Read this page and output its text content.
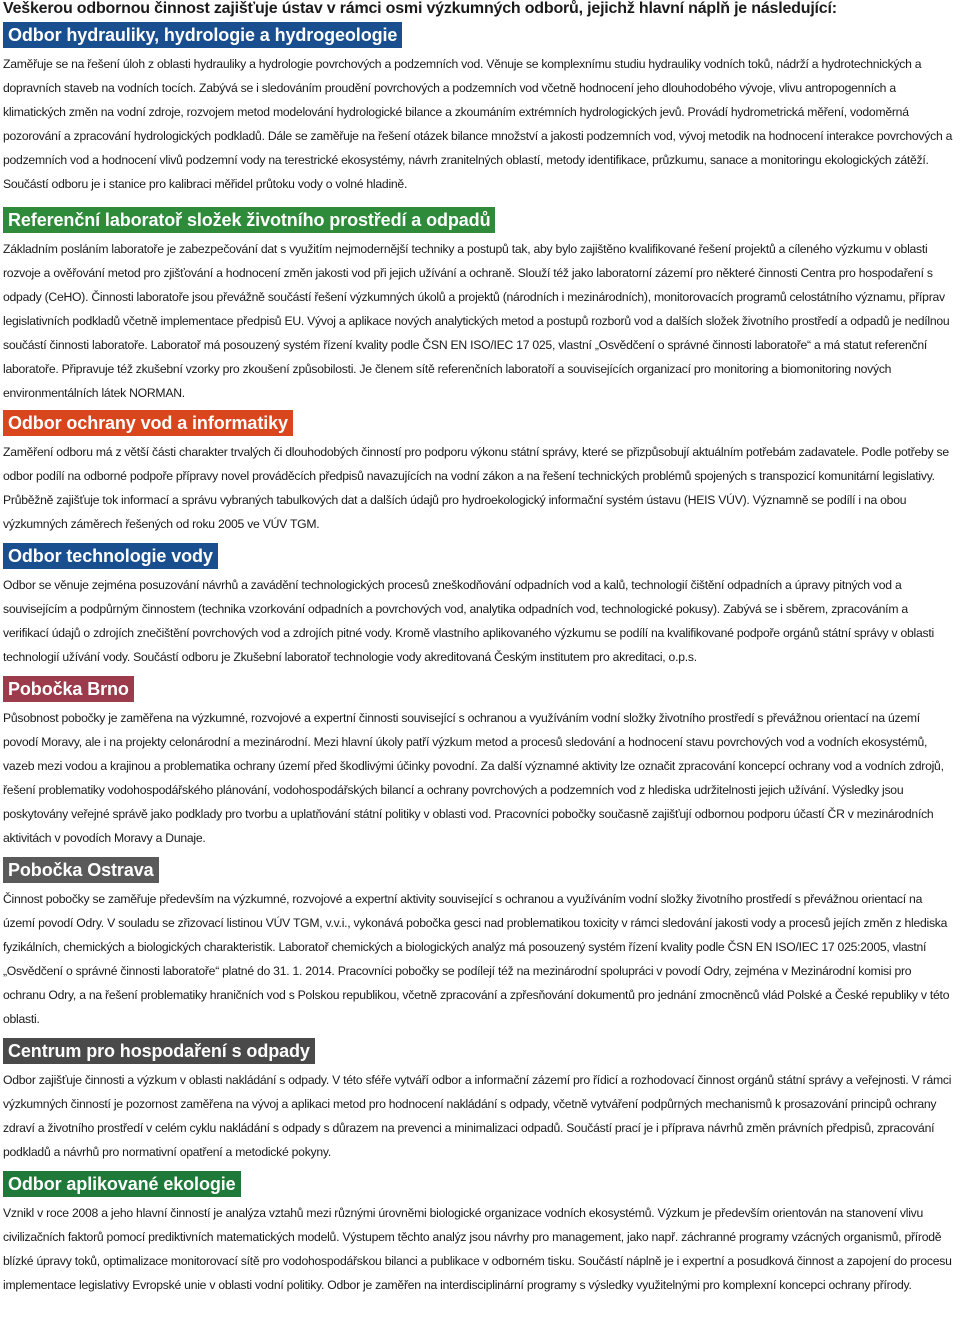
Veškerou odbornou činnost zajišťuje ústav v rámci osmi výzkumných odborů, jejichž hlavní náplň je následující:

Odbor hydrauliky, hydrologie a hydrogeologie
Zaměřuje se na řešení úloh z oblasti hydrauliky a hydrologie povrchových a podzemních vod. Věnuje se komplexnímu studiu hydrauliky vodních toků, nádrží a hydrotechnických a dopravních staveb na vodních tocích. Zabývá se i sledováním proudění povrchových a podzemních vod včetně hodnocení jeho dlouhodobého vývoje, vlivu antropogenních a klimatických změn na vodní zdroje, rozvojem metod modelování hydrologické bilance a zkoumáním extrémních hydrologických jevů. Provádí hydrometrická měření, vodoměrná pozorování a zpracování hydrologických podkladů. Dále se zaměřuje na řešení otázek bilance množství a jakosti podzemních vod, vývoj metodik na hodnocení interakce povrchových a podzemních vod a hodnocení vlivů podzemní vody na terestrické ekosystémy, návrh zranitelných oblastí, metody identifikace, průzkumu, sanace a monitoringu ekologických zátěží. Součástí odboru je i stanice pro kalibraci měřidel průtoku vody o volné hladině.
Referenční laboratoř složek životního prostředí a odpadů
Základním posláním laboratoře je zabezpečování dat s využitím nejmodernější techniky a postupů tak, aby bylo zajištěno kvalifikované řešení projektů a cíleného výzkumu v oblasti rozvoje a ověřování metod pro zjišťování a hodnocení změn jakosti vod při jejich užívání a ochraně. Slouží též jako laboratorní zázemí pro některé činnosti Centra pro hospodaření s odpady (CeHO). Činnosti laboratoře jsou převážně součástí řešení výzkumných úkolů a projektů (národních i mezinárodních), monitorovacích programů celostátního významu, příprav legislativních podkladů včetně implementace předpisů EU. Vývoj a aplikace nových analytických metod a postupů rozborů vod a dalších složek životního prostředí a odpadů je nedílnou součástí činnosti laboratoře. Laboratoř má posouzený systém řízení kvality podle ČSN EN ISO/IEC 17 025, vlastní „Osvědčení o správné činnosti laboratoře“ a má statut referenční laboratoře. Připravuje též zkušební vzorky pro zkoušení způsobilosti. Je členem sítě referenčních laboratoří a souvisejících organizací pro monitoring a biomonitoring nových environmentálních látek NORMAN.
Odbor ochrany vod a informatiky
Zaměření odboru má z větší části charakter trvalých či dlouhodobých činností pro podporu výkonu státní správy, které se přizpůsobují aktuálním potřebám zadavatele. Podle potřeby se odbor podílí na odborné podpoře přípravy novel prováděcích předpisů navazujících na vodní zákon a na řešení technických problémů spojených s transpozicí komunitární legislativy. Průběžně zajišťuje tok informací a správu vybraných tabulkových dat a dalších údajů pro hydroekologický informační systém ústavu (HEIS VÚV). Významně se podílí i na obou výzkumných záměrech řešených od roku 2005 ve VÚV TGM.
Odbor technologie vody
Odbor se věnuje zejména posuzování návrhů a zavádění technologických procesů zneškodňování odpadních vod a kalů, technologií čištění odpadních a úpravy pitných vod a souvisejícím a podpůrným činnostem (technika vzorkování odpadních a povrchových vod, analytika odpadních vod, technologické pokusy). Zabývá se i sběrem, zpracováním a verifikací údajů o zdrojích znečištění povrchových vod a zdrojích pitné vody. Kromě vlastního aplikovaného výzkumu se podílí na kvalifikované podpoře orgánů státní správy v oblasti technologií užívání vody. Součástí odboru je Zkušební laboratoř technologie vody akreditovaná Českým institutem pro akreditaci, o.p.s.
Pobočka Brno
Působnost pobočky je zaměřena na výzkumné, rozvojové a expertní činnosti související s ochranou a využíváním vodní složky životního prostředí s převážnou orientací na území povodí Moravy, ale i na projekty celonárodní a mezinárodní. Mezi hlavní úkoly patří výzkum metod a procesů sledování a hodnocení stavu povrchových vod a vodních ekosystémů, vazeb mezi vodou a krajinou a problematika ochrany území před škodlivými účinky povodní. Za další významné aktivity lze označit zpracování koncepcí ochrany vod a vodních zdrojů, řešení problematiky vodohospodářského plánování, vodohospodářských bilancí a ochrany povrchových a podzemních vod z hlediska udržitelnosti jejich užívání. Výsledky jsou poskytovány veřejné správě jako podklady pro tvorbu a uplatňování státní politiky v oblasti vod. Pracovníci pobočky současně zajišťují odbornou podporu účastí ČR v mezinárodních aktivitách v povodích Moravy a Dunaje.
Pobočka Ostrava
Činnost pobočky se zaměřuje především na výzkumné, rozvojové a expertní aktivity související s ochranou a využíváním vodní složky životního prostředí s převážnou orientací na území povodí Odry. V souladu se zřizovací listinou VÚV TGM, v.v.i., vykonává pobočka gesci nad problematikou toxicity v rámci sledování jakosti vody a procesů jejích změn z hlediska fyzikálních, chemických a biologických charakteristik. Laboratoř chemických a biologických analýz má posouzený systém řízení kvality podle ČSN EN ISO/IEC 17 025:2005, vlastní „Osvědčení o správné činnosti laboratoře“ platné do 31. 1. 2014. Pracovníci pobočky se podílejí též na mezinárodní spolupráci v povodí Odry, zejména v Mezinárodní komisi pro ochranu Odry, a na řešení problematiky hraničních vod s Polskou republikou, včetně zpracování a zpřesňování dokumentů pro jednání zmocněnců vlád Polské a České republiky v této oblasti.
Centrum pro hospodaření s odpady
Odbor zajišťuje činnosti a výzkum v oblasti nakládání s odpady. V této sféře vytváří odbor a informační zázemí pro řídicí a rozhodovací činnost orgánů státní správy a veřejnosti. V rámci výzkumných činností je pozornost zaměřena na vývoj a aplikaci metod pro hodnocení nakládání s odpady, včetně vytváření podpůrných mechanismů k prosazování principů ochrany zdraví a životního prostředí v celém cyklu nakládání s odpady s důrazem na prevenci a minimalizaci odpadů. Součástí prací je i příprava návrhů změn právních předpisů, zpracování podkladů a návrhů pro normativní opatření a metodické pokyny.
Odbor aplikované ekologie
Vznikl v roce 2008 a jeho hlavní činností je analýza vztahů mezi různými úrovněmi biologické organizace vodních ekosystémů. Výzkum je především orientován na stanovení vlivu civilizačních faktorů pomocí prediktivních matematických modelů. Výstupem těchto analýz jsou návrhy pro management, jako např. záchranné programy vzácných organismů, přírodě blízké úpravy toků, optimalizace monitorovací sítě pro vodohospodářskou bilanci a publikace v odborném tisku. Součástí náplně je i expertní a posudková činnost a zapojení do procesu implementace legislativy Evropské unie v oblasti vodní politiky. Odbor je zaměřen na interdisciplinární programy s výsledky využitelnými pro komplexní koncepci ochrany přírody.
